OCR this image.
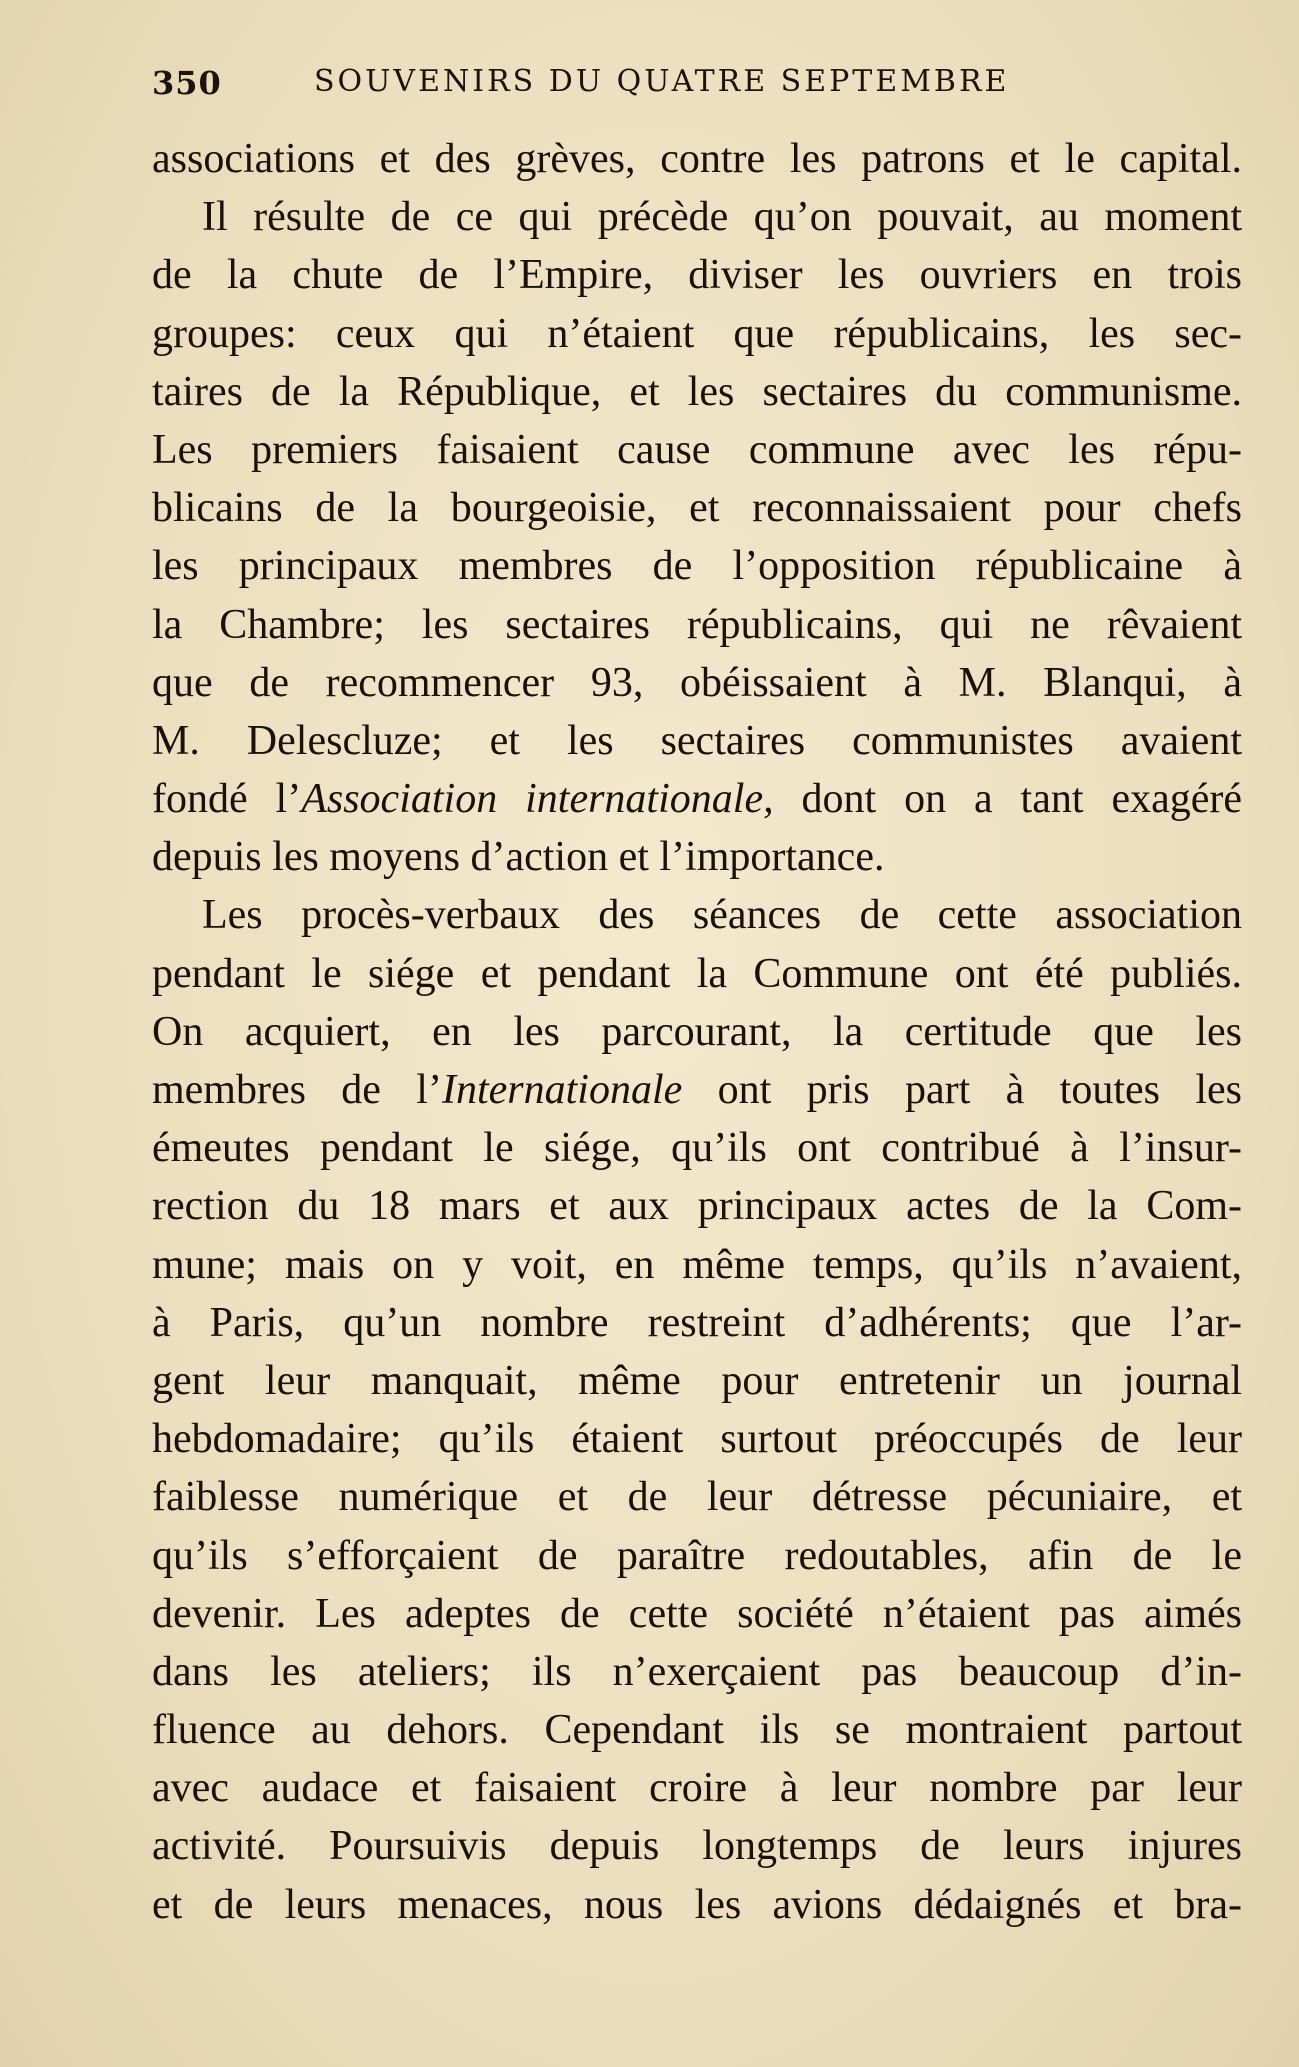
350	SOUVENIRS DU QUATRE SEPTEMBRE
associations et des grèves, contre les patrons et le capital.
Il résulte de ce qui précède qu’on pouvait, au moment
de la chute de l’Empire, diviser les ouvriers en trois
groupes: ceux qui n’étaient que républicains, les sec-
taires de la République, et les sectaires du communisme.
Les premiers faisaient cause commune avec les répu-
blicains de la bourgeoisie, et reconnaissaient pour chefs
les principaux membres de l’opposition républicaine à
la Chambre; les sectaires républicains, qui ne rêvaient
que de recommencer 93, obéissaient à M. Blanqui, à
M. Delescluze; et les sectaires communistes avaient
fondé l’Association internationale, dont on a tant exagéré
depuis les moyens d’action et l’importance.
Les procès-verbaux des séances de cette association
pendant le siége et pendant la Commune ont été publiés.
On acquiert, en les parcourant, la certitude que les
membres de l’Internationale ont pris part à toutes les
émeutes pendant le siége, qu’ils ont contribué à l’insur-
rection du 18 mars et aux principaux actes de la Com-
mune; mais on y voit, en même temps, qu’ils n’avaient,
à Paris, qu’un nombre restreint d’adhérents; que l’ar-
gent leur manquait, même pour entretenir un journal
hebdomadaire; qu’ils étaient surtout préoccupés de leur
faiblesse numérique et de leur détresse pécuniaire, et
qu’ils s’efforçaient de paraître redoutables, afin de le
devenir. Les adeptes de cette société n’étaient pas aimés
dans les ateliers; ils n’exerçaient pas beaucoup d’in-
fluence au dehors. Cependant ils se montraient partout
avec audace et faisaient croire à leur nombre par leur
activité. Poursuivis depuis longtemps de leurs injures
et de leurs menaces, nous les avions dédaignés et bra-
